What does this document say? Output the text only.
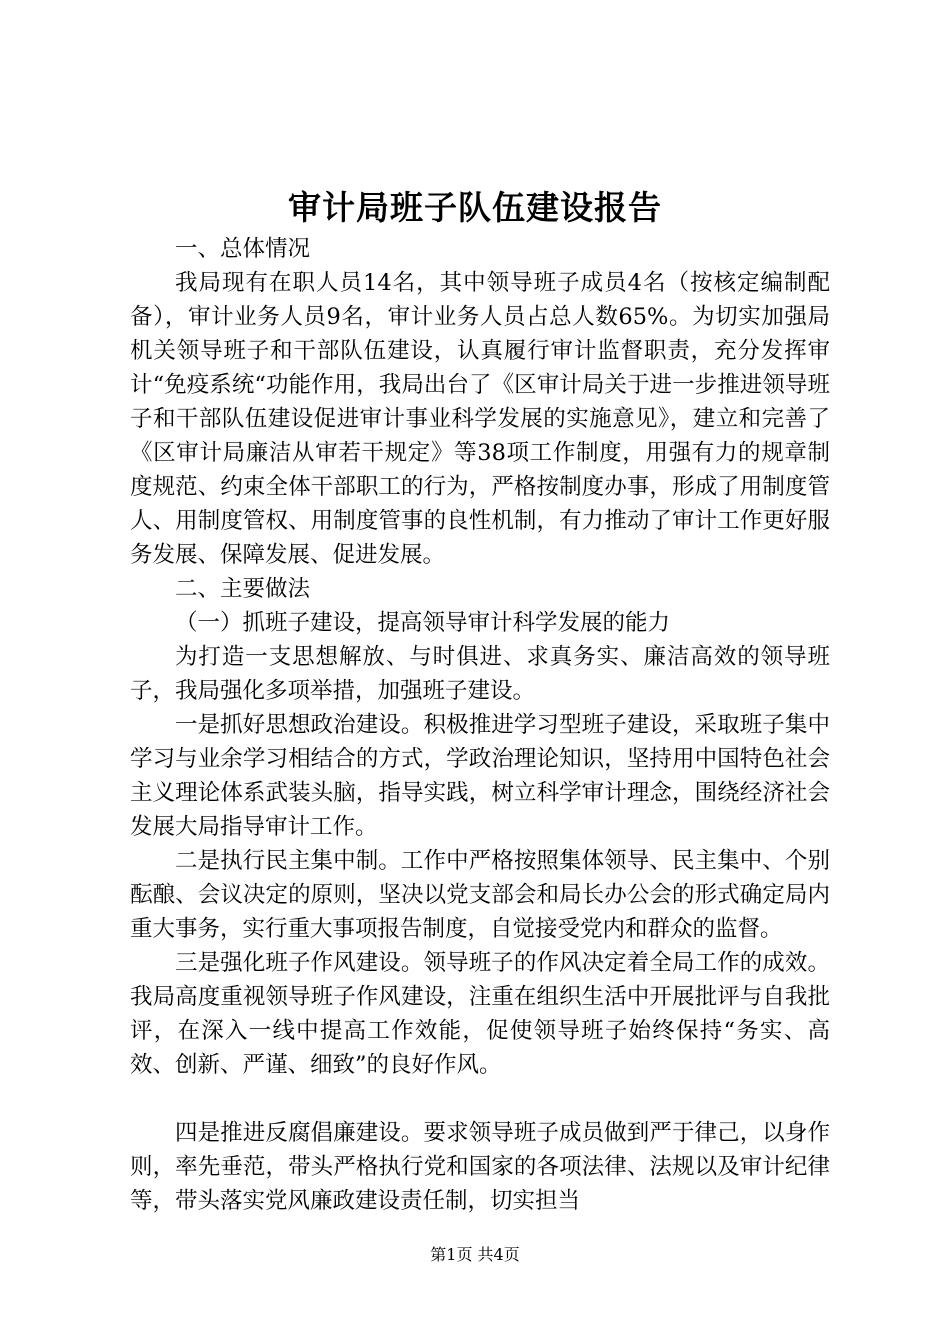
审计局班子队伍建设报告

一、总体情况

我局现有在职人员14名，其中领导班子成员4名（按核定编制配备），审计业务人员9名，审计业务人员占总人数65%。为切实加强局机关领导班子和干部队伍建设，认真履行审计监督职责，充分发挥审计“免疫系统“功能作用，我局出台了《区审计局关于进一步推进领导班子和干部队伍建设促进审计事业科学发展的实施意见》，建立和完善了《区审计局廉洁从审若干规定》等38项工作制度，用强有力的规章制度规范、约束全体干部职工的行为，严格按制度办事，形成了用制度管人、用制度管权、用制度管事的良性机制，有力推动了审计工作更好服务发展、保障发展、促进发展。

二、主要做法

（一）抓班子建设，提高领导审计科学发展的能力

为打造一支思想解放、与时俱进、求真务实、廉洁高效的领导班子，我局强化多项举措，加强班子建设。

一是抓好思想政治建设。积极推进学习型班子建设，采取班子集中学习与业余学习相结合的方式，学政治理论知识，坚持用中国特色社会主义理论体系武装头脑，指导实践，树立科学审计理念，围绕经济社会发展大局指导审计工作。

二是执行民主集中制。工作中严格按照集体领导、民主集中、个别酝酿、会议决定的原则，坚决以党支部会和局长办公会的形式确定局内重大事务，实行重大事项报告制度，自觉接受党内和群众的监督。

三是强化班子作风建设。领导班子的作风决定着全局工作的成效。我局高度重视领导班子作风建设，注重在组织生活中开展批评与自我批评，在深入一线中提高工作效能，促使领导班子始终保持“务实、高效、创新、严谨、细致”的良好作风。

四是推进反腐倡廉建设。要求领导班子成员做到严于律己，以身作则，率先垂范，带头严格执行党和国家的各项法律、法规以及审计纪律等，带头落实党风廉政建设责任制，切实担当

第1页 共4页
